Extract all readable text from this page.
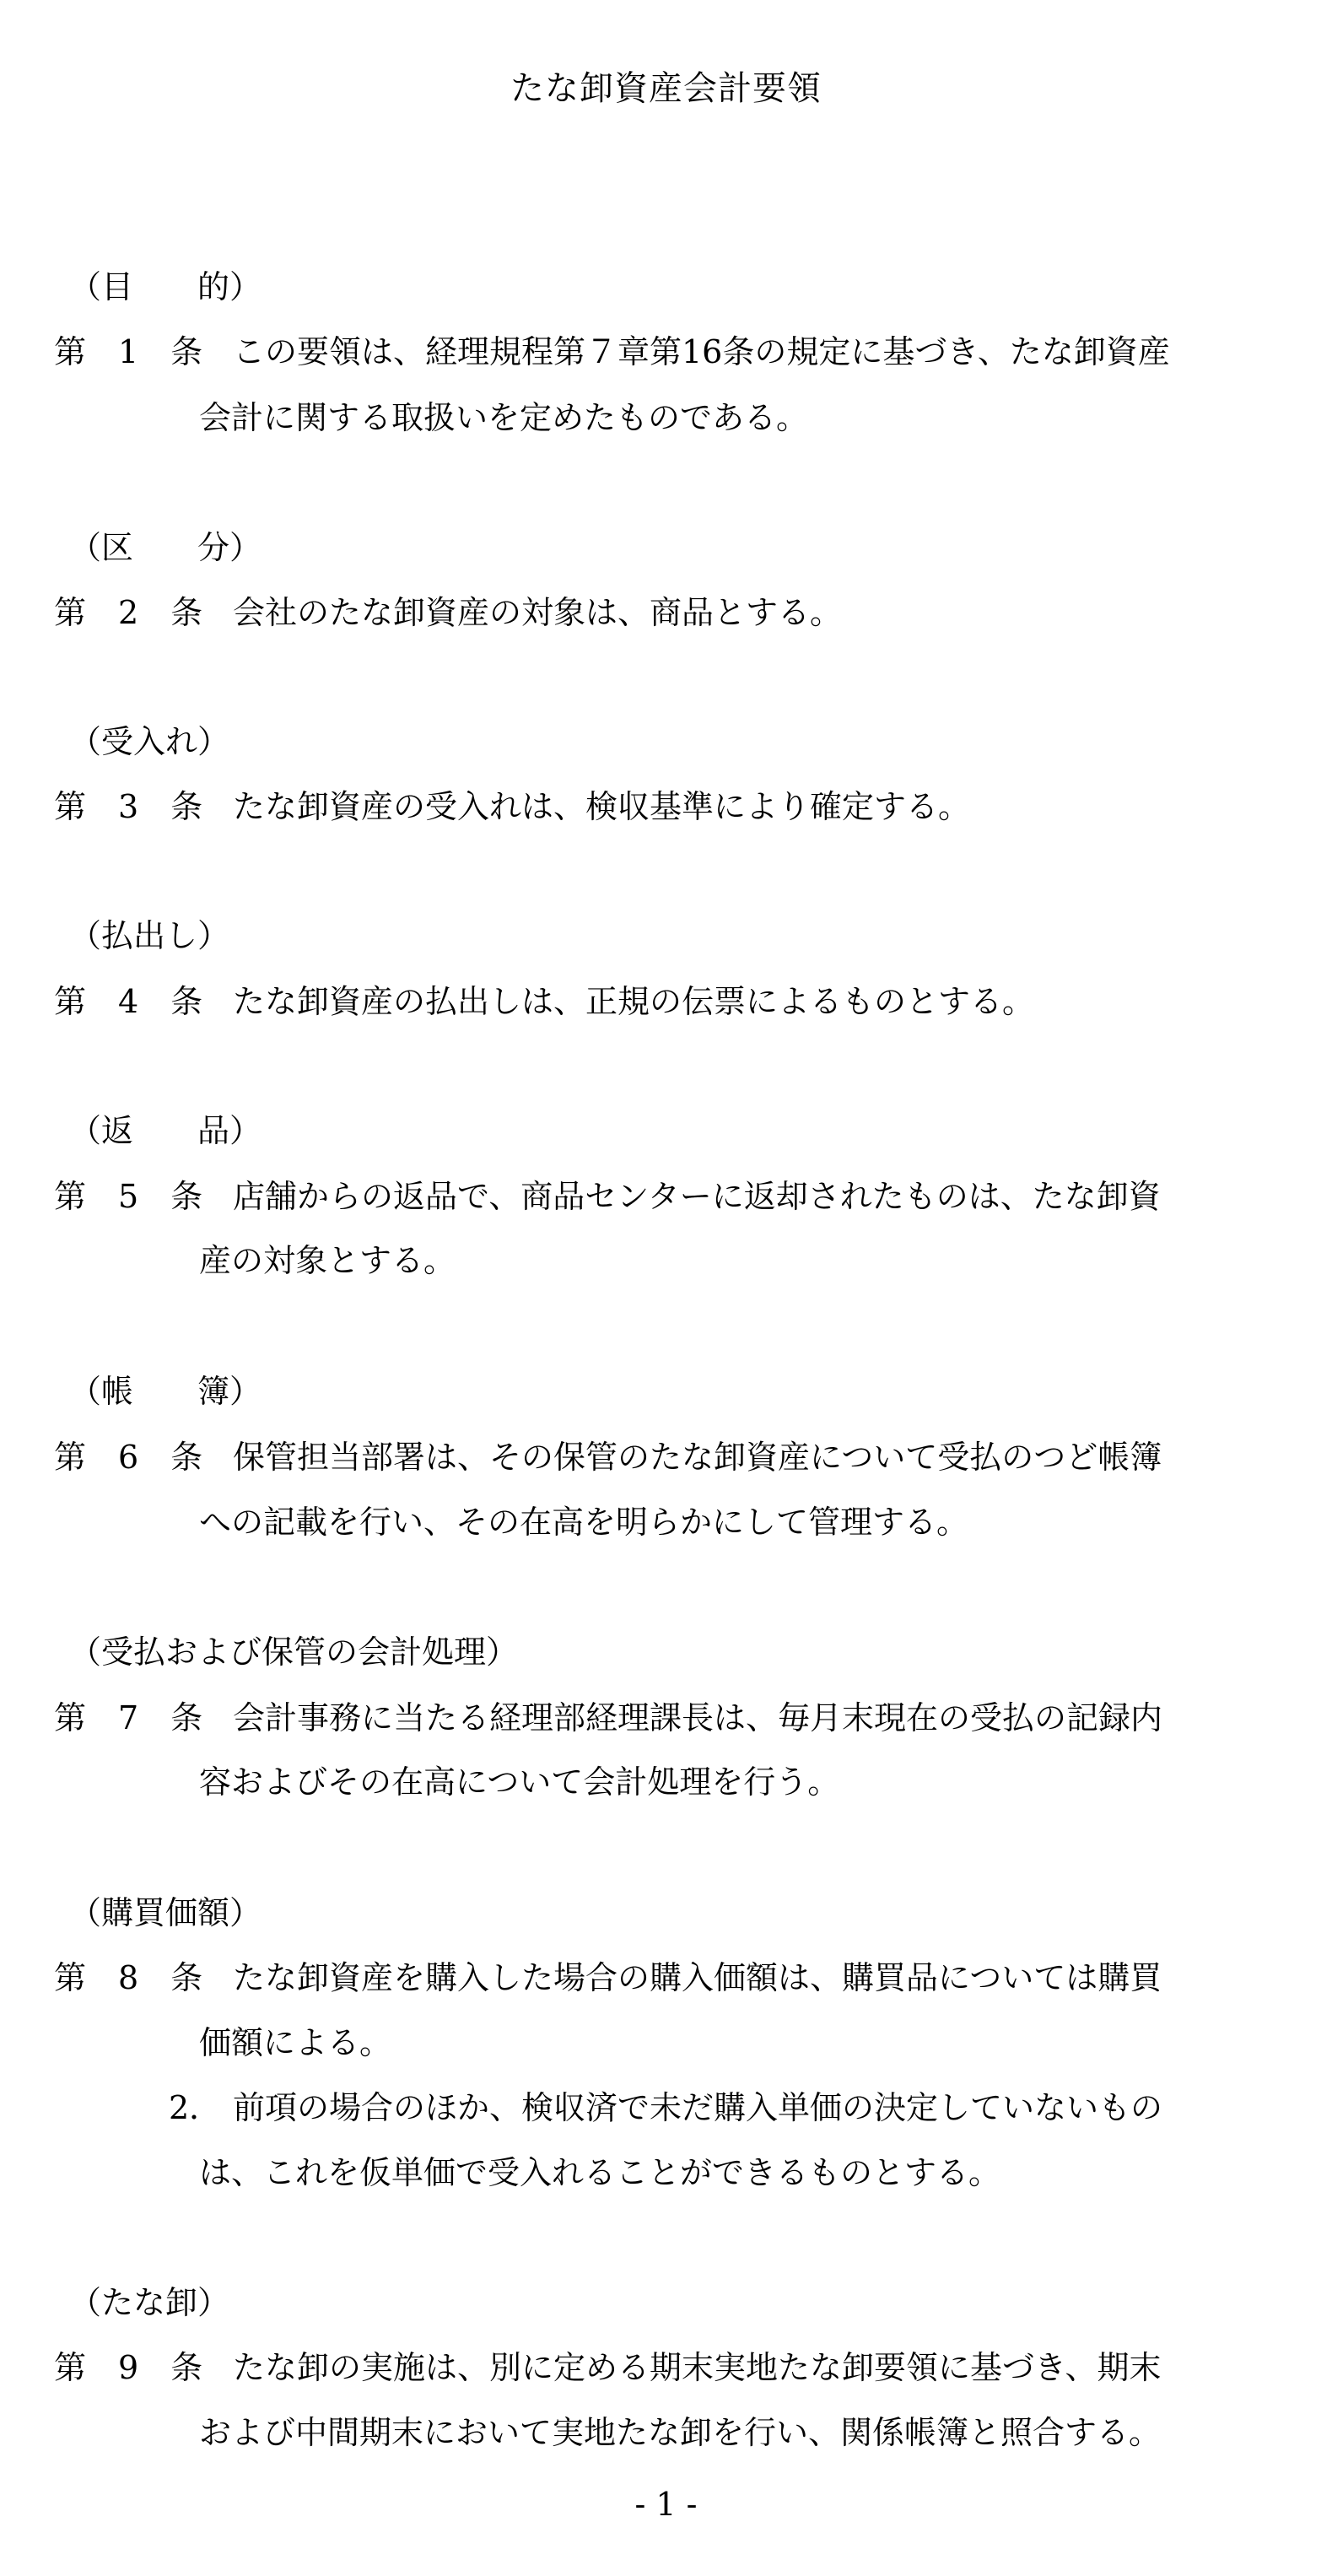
たな卸資産会計要領
（目　　的）
第　1　条 この要領は、経理規程第７章第16条の規定に基づき、たな卸資産
会計に関する取扱いを定めたものである。
（区　　分）
第　2　条 会社のたな卸資産の対象は、商品とする。
（受入れ）
第　3　条 たな卸資産の受入れは、検収基準により確定する。
（払出し）
第　4　条 たな卸資産の払出しは、正規の伝票によるものとする。
（返　　品）
第　5　条 店舗からの返品で、商品センターに返却されたものは、たな卸資
産の対象とする。
（帳　　簿）
第　6　条 保管担当部署は、その保管のたな卸資産について受払のつど帳簿
への記載を行い、その在高を明らかにして管理する。
（受払および保管の会計処理）
第　7　条 会計事務に当たる経理部経理課長は、毎月末現在の受払の記録内
容およびその在高について会計処理を行う。
（購買価額）
第　8　条 たな卸資産を購入した場合の購入価額は、購買品については購買
価額による。
2． 前項の場合のほか、検収済で未だ購入単価の決定していないもの
は、これを仮単価で受入れることができるものとする。
（たな卸）
第　9　条 たな卸の実施は、別に定める期末実地たな卸要領に基づき、期末
および中間期末において実地たな卸を行い、関係帳簿と照合する。
- 1 -
